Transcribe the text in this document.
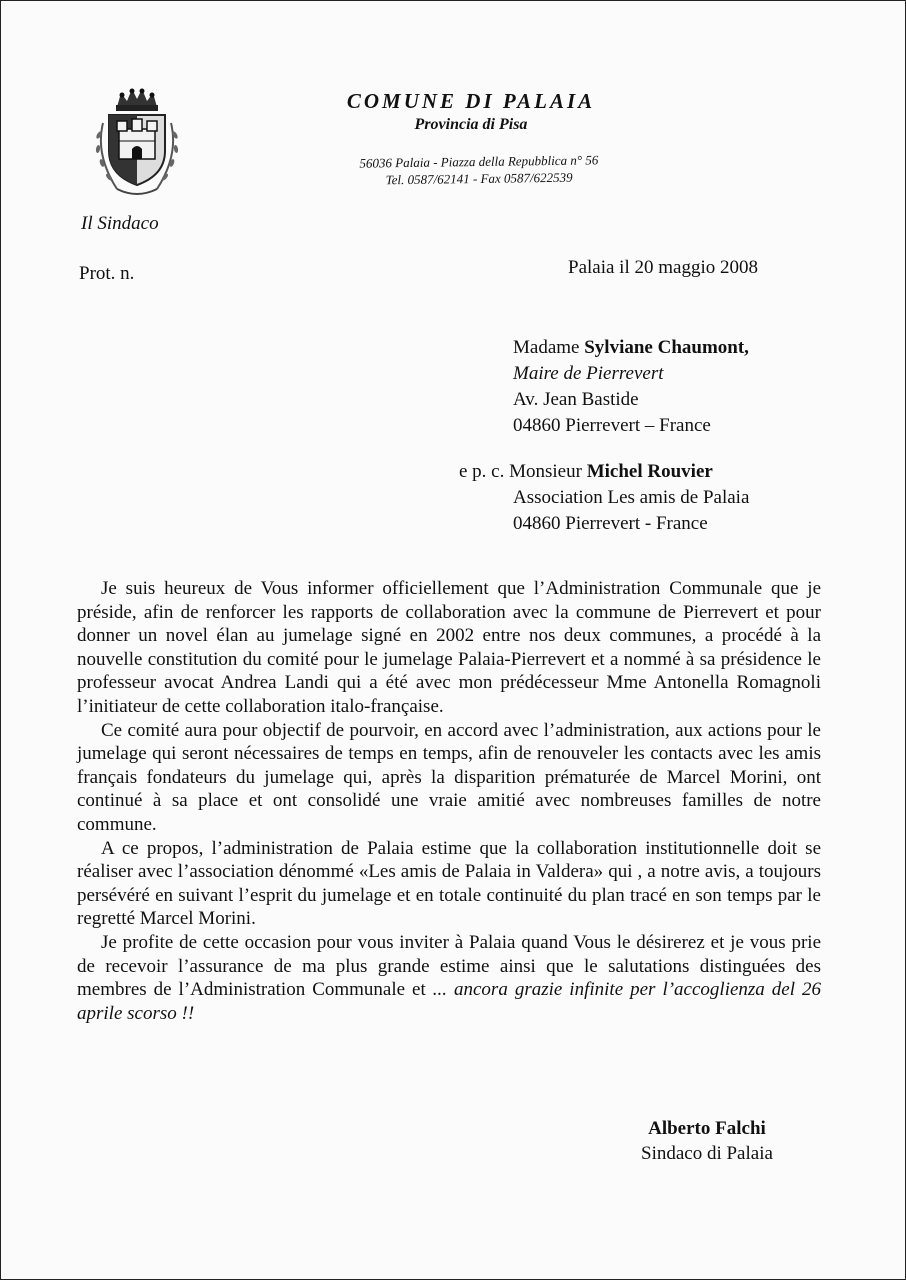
Il Sindaco
Prot. n.
COMUNE DI PALAIA
Provincia di Pisa
56036 Palaia - Piazza della Repubblica n° 56
Tel. 0587/62141 - Fax 0587/622539
Palaia il 20 maggio 2008
Madame Sylviane Chaumont,
Maire de Pierrevert
Av. Jean Bastide
04860 Pierrevert – France
e p. c. Monsieur Michel Rouvier
Association Les amis de Palaia
04860 Pierrevert - France

Je suis heureux de Vous informer officiellement que l’Administration Communale que je préside, afin de renforcer les rapports de collaboration avec la commune de Pierrevert et pour donner un novel élan au jumelage signé en 2002 entre nos deux communes, a procédé à la nouvelle constitution du comité pour le jumelage Palaia-Pierrevert et a nommé à sa présidence le professeur avocat Andrea Landi qui a été avec mon prédécesseur Mme Antonella Romagnoli l’initiateur de cette collaboration italo-française.

Ce comité aura pour objectif de pourvoir, en accord avec l’administration, aux actions pour le jumelage qui seront nécessaires de temps en temps, afin de renouveler les contacts avec les amis français fondateurs du jumelage qui, après la disparition prématurée de Marcel Morini, ont continué à sa place et ont consolidé une vraie amitié avec nombreuses familles de notre commune.

A ce propos, l’administration de Palaia estime que la collaboration institutionnelle doit se réaliser avec l’association dénommé «Les amis de Palaia in Valdera» qui , a notre avis, a toujours persévéré en suivant l’esprit du jumelage et en totale continuité du plan tracé en son temps par le regretté Marcel Morini.

Je profite de cette occasion pour vous inviter à Palaia quand Vous le désirerez et je vous prie de recevoir l’assurance de ma plus grande estime ainsi que le salutations distinguées des membres de l’Administration Communale et ... ancora grazie infinite per l’accoglienza del 26 aprile scorso !!

Alberto Falchi
Sindaco di Palaia
